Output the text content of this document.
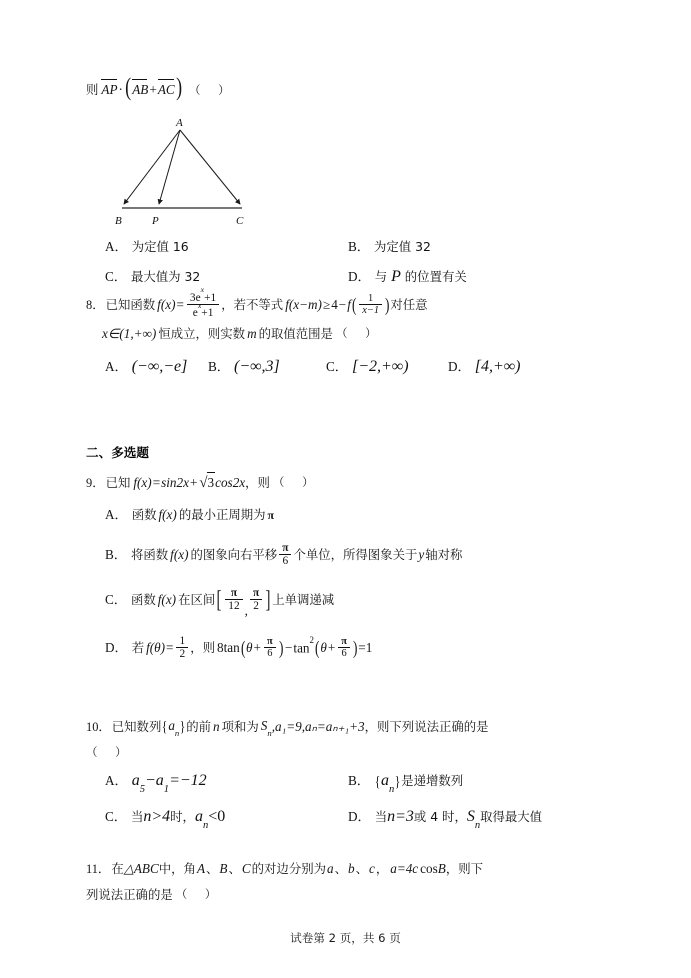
则 AP·(AB+AC) （ ）
A
B	P	C
A． 为定值 16	B． 为定值 32
C． 最大值为 32	D． 与 P 的位置有关
8． 已知函数 $f(x) = \frac{3e^x+1}{e^x+1}$ ， 若不等式 f(x−m) ≥ 4 − f ( $\frac{1}{x-1}$ ) 对任意
x∈(1,+∞) 恒成立，则实数 m 的取值范围是 （ ）
A． (−∞,−e]	B． (−∞,3]	C． [−2,+∞)	D． [4,+∞)
二、多选题
9． 已知 f(x) = sin2x + √3 cos2x ， 则 （ ）
A． 函数 f(x) 的最小正周期为 π
B． 将函数 f(x) 的图象向右平移 $\frac{\pi}{6}$ 个单位，所得图象关于 y 轴对称
C． 函数 f(x) 在区间 [ $\frac{\pi}{12}$ , $\frac{\pi}{2}$ ] 上单调递减
D． 若 $f(\theta) = \frac{1}{2}$ ， 则 8tan ( $\theta + \frac{\pi}{6}$ ) − $\tan^2$ ( $\theta + \frac{\pi}{6}$ ) =1
10． 已知数列 { $a_n$ } 的前 n 项和为 $S_n$ ,a₁=9,aₙ=aₙ₊₁+3 ，则下列说法正确的是
（ ）
A． $a_5-a_1=-12$	B． $\{a_n\}$是递增数列
C． 当n>4时，$a_n<0$	D． 当n=3或 4 时，$S_n$取得最大值
11． 在 △ABC 中，角 A 、 B 、 C 的对边分别为 a 、 b 、 c ， a=4c cos B ，则下
列说法正确的是 （ ）
试卷第 2 页，共 6 页
